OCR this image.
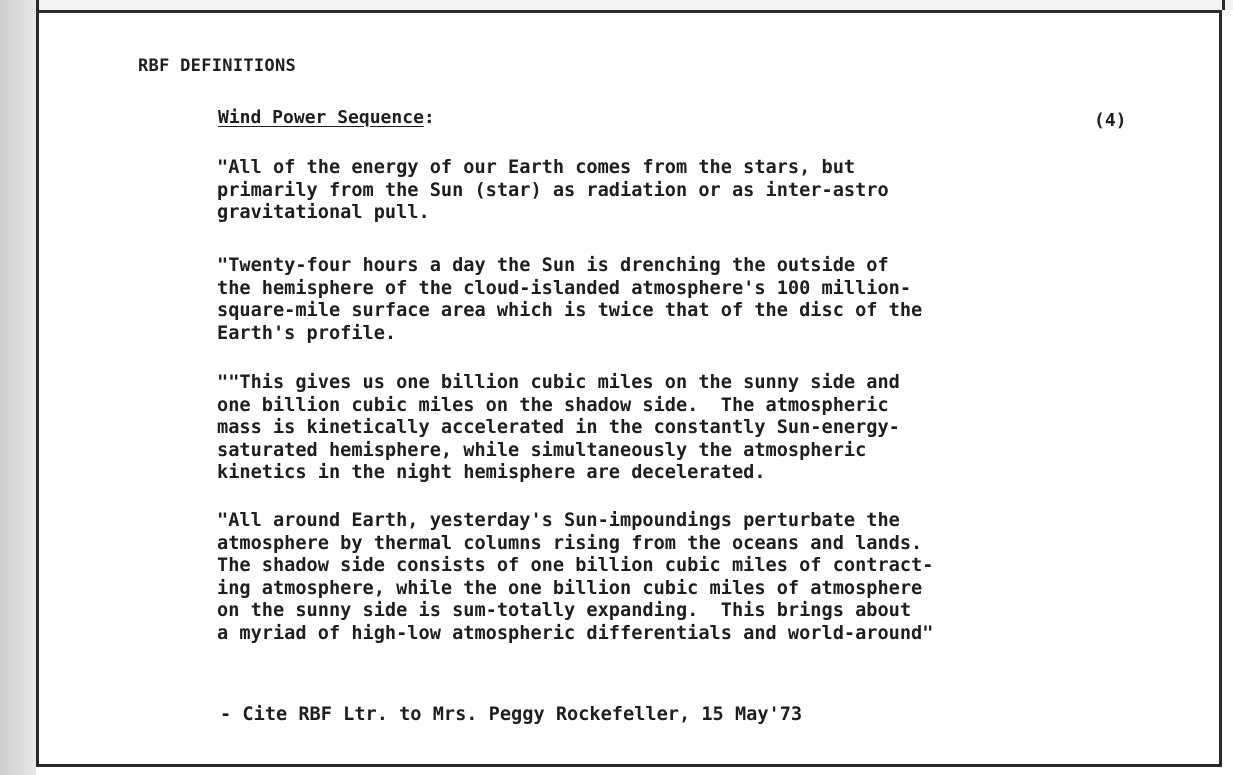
RBF DEFINITIONS
Wind Power Sequence:	(4)
"All of the energy of our Earth comes from the stars, but
primarily from the Sun (star) as radiation or as inter-astro
gravitational pull.
"Twenty-four hours a day the Sun is drenching the outside of
the hemisphere of the cloud-islanded atmosphere's 100 million-
square-mile surface area which is twice that of the disc of the
Earth's profile.
""This gives us one billion cubic miles on the sunny side and
one billion cubic miles on the shadow side.  The atmospheric
mass is kinetically accelerated in the constantly Sun-energy-
saturated hemisphere, while simultaneously the atmospheric
kinetics in the night hemisphere are decelerated.
"All around Earth, yesterday's Sun-impoundings perturbate the
atmosphere by thermal columns rising from the oceans and lands.
The shadow side consists of one billion cubic miles of contract-
ing atmosphere, while the one billion cubic miles of atmosphere
on the sunny side is sum-totally expanding.  This brings about
a myriad of high-low atmospheric differentials and world-around"
- Cite RBF Ltr. to Mrs. Peggy Rockefeller, 15 May'73
